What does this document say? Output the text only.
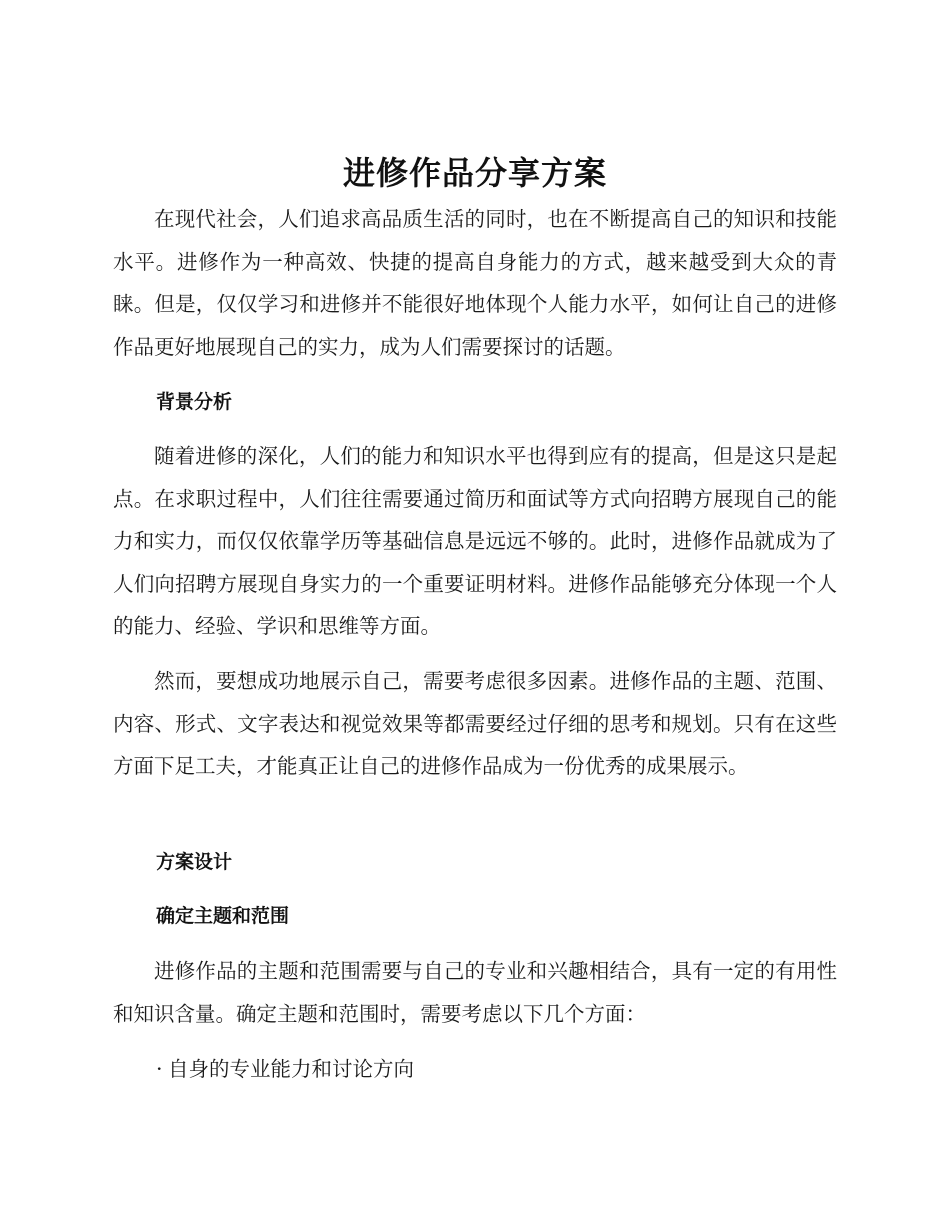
进修作品分享方案

在现代社会，人们追求高品质生活的同时，也在不断提高自己的知识和技能水平。进修作为一种高效、快捷的提高自身能力的方式，越来越受到大众的青睐。但是，仅仅学习和进修并不能很好地体现个人能力水平，如何让自己的进修作品更好地展现自己的实力，成为人们需要探讨的话题。

背景分析

随着进修的深化，人们的能力和知识水平也得到应有的提高，但是这只是起点。在求职过程中，人们往往需要通过简历和面试等方式向招聘方展现自己的能力和实力，而仅仅依靠学历等基础信息是远远不够的。此时，进修作品就成为了人们向招聘方展现自身实力的一个重要证明材料。进修作品能够充分体现一个人的能力、经验、学识和思维等方面。

然而，要想成功地展示自己，需要考虑很多因素。进修作品的主题、范围、内容、形式、文字表达和视觉效果等都需要经过仔细的思考和规划。只有在这些方面下足工夫，才能真正让自己的进修作品成为一份优秀的成果展示。

方案设计
确定主题和范围

进修作品的主题和范围需要与自己的专业和兴趣相结合，具有一定的有用性和知识含量。确定主题和范围时，需要考虑以下几个方面：

· 自身的专业能力和讨论方向
